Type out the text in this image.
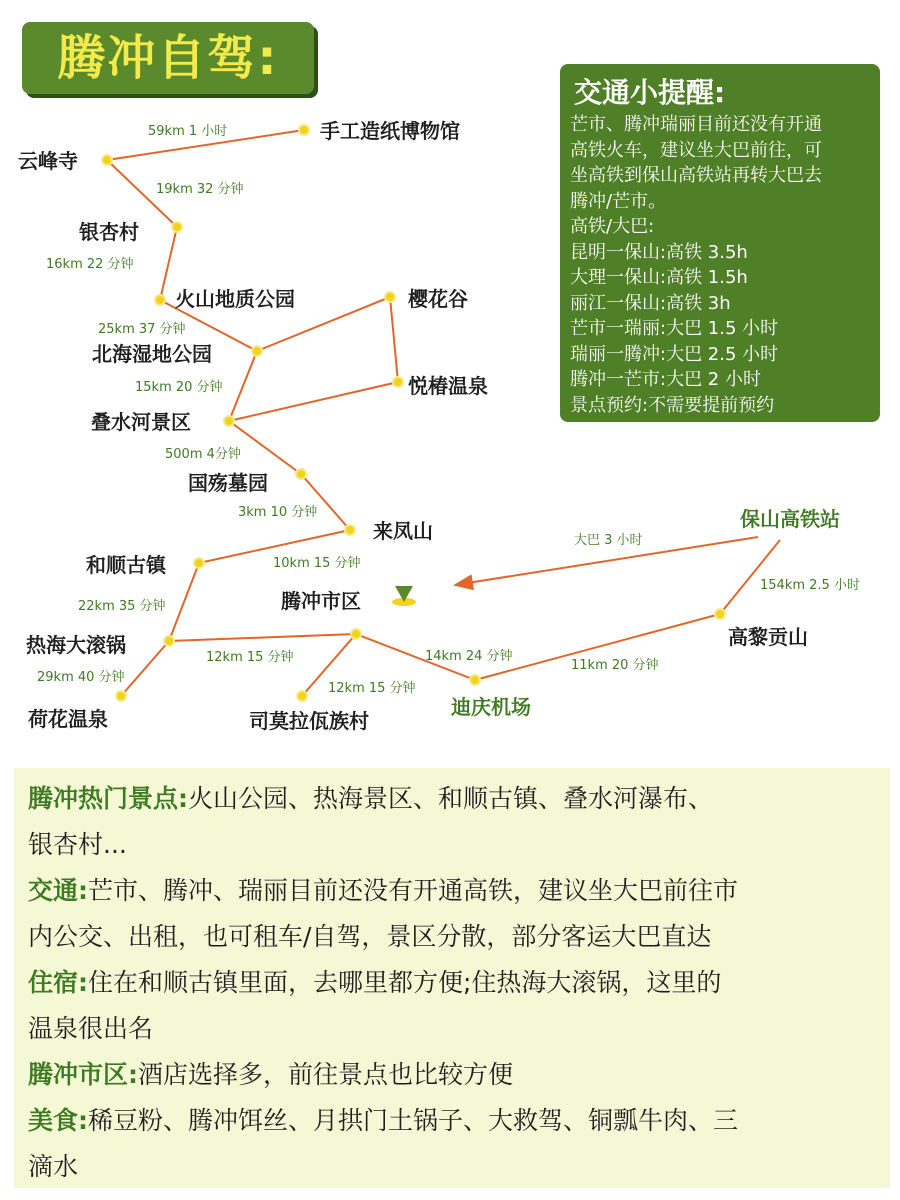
手工造纸博物馆
云峰寺
银杏村
火山地质公园	樱花谷
北海湿地公园
悦椿温泉
叠水河景区
国殇墓园
来凤山
和顺古镇
腾冲市区
热海大滚锅
荷花温泉	司莫拉佤族村
迪庆机场
高黎贡山
保山高铁站
59km 1 小时
19km 32 分钟
16km 22 分钟
25km 37 分钟
15km 20 分钟
500m 4分钟
3km 10 分钟
10km 15 分钟
22km 35 分钟
29km 40 分钟
12km 15 分钟
12km 15 分钟
14km 24 分钟
11km 20 分钟
154km 2.5 小时
大巴 3 小时
腾冲自驾:
交通小提醒:
芒市、腾冲瑞丽目前还没有开通
高铁火车，建议坐大巴前往，可
坐高铁到保山高铁站再转大巴去
腾冲/芒市。
高铁/大巴:
昆明一保山:高铁 3.5h
大理一保山:高铁 1.5h
丽江一保山:高铁 3h
芒市一瑞丽:大巴 1.5 小时
瑞丽一腾冲:大巴 2.5 小时
腾冲一芒市:大巴 2 小时
景点预约:不需要提前预约
腾冲热门景点:火山公园、热海景区、和顺古镇、叠水河瀑布、
银杏村...
交通:芒市、腾冲、瑞丽目前还没有开通高铁，建议坐大巴前往市
内公交、出租，也可租车/自驾，景区分散，部分客运大巴直达
住宿:住在和顺古镇里面，去哪里都方便;住热海大滚锅，这里的
温泉很出名
腾冲市区:酒店选择多，前往景点也比较方便
美食:稀豆粉、腾冲饵丝、月拱门土锅子、大救驾、铜瓢牛肉、三
滴水
